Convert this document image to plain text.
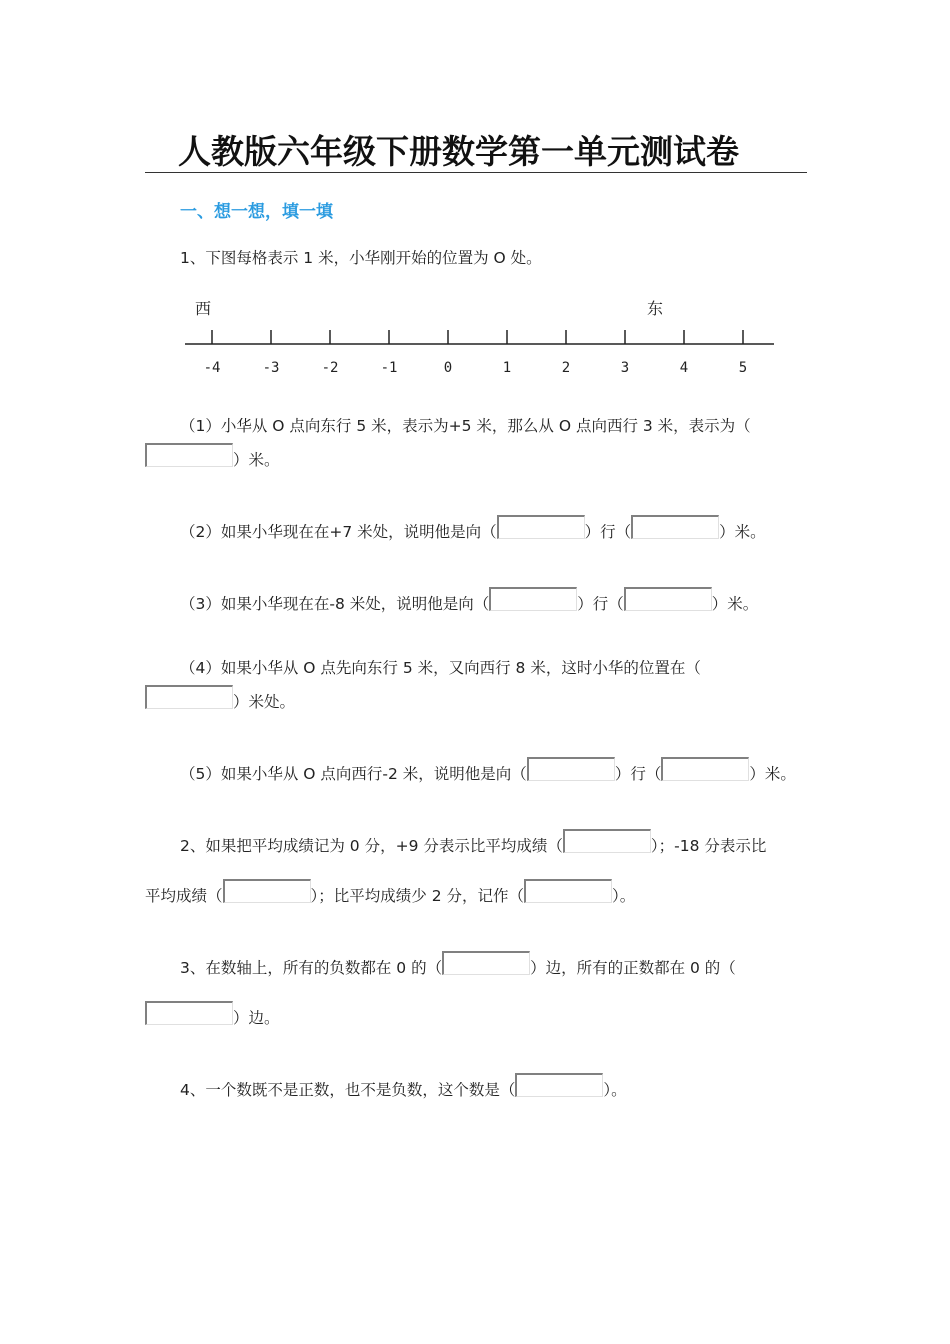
人教版六年级下册数学第一单元测试卷
一、想一想，填一填
1、下图每格表示 1 米，小华刚开始的位置为 O 处。
西	东
-4	-3	-2	-1	0	1	2	3	4	5
（1）小华从 O 点向东行 5 米，表示为+5 米，那么从 O 点向西行 3 米，表示为（
）米。
（2）如果小华现在在+7 米处，说明他是向（	）行（	）米。
（3）如果小华现在在-8 米处，说明他是向（	）行（	）米。
（4）如果小华从 O 点先向东行 5 米，又向西行 8 米，这时小华的位置在（
）米处。
（5）如果小华从 O 点向西行-2 米，说明他是向（	）行（	）米。
2、如果把平均成绩记为 0 分，+9 分表示比平均成绩（	）；-18 分表示比
平均成绩（	）；比平均成绩少 2 分，记作（	）。
3、在数轴上，所有的负数都在 0 的（	）边，所有的正数都在 0 的（
）边。
4、一个数既不是正数，也不是负数，这个数是（	）。
